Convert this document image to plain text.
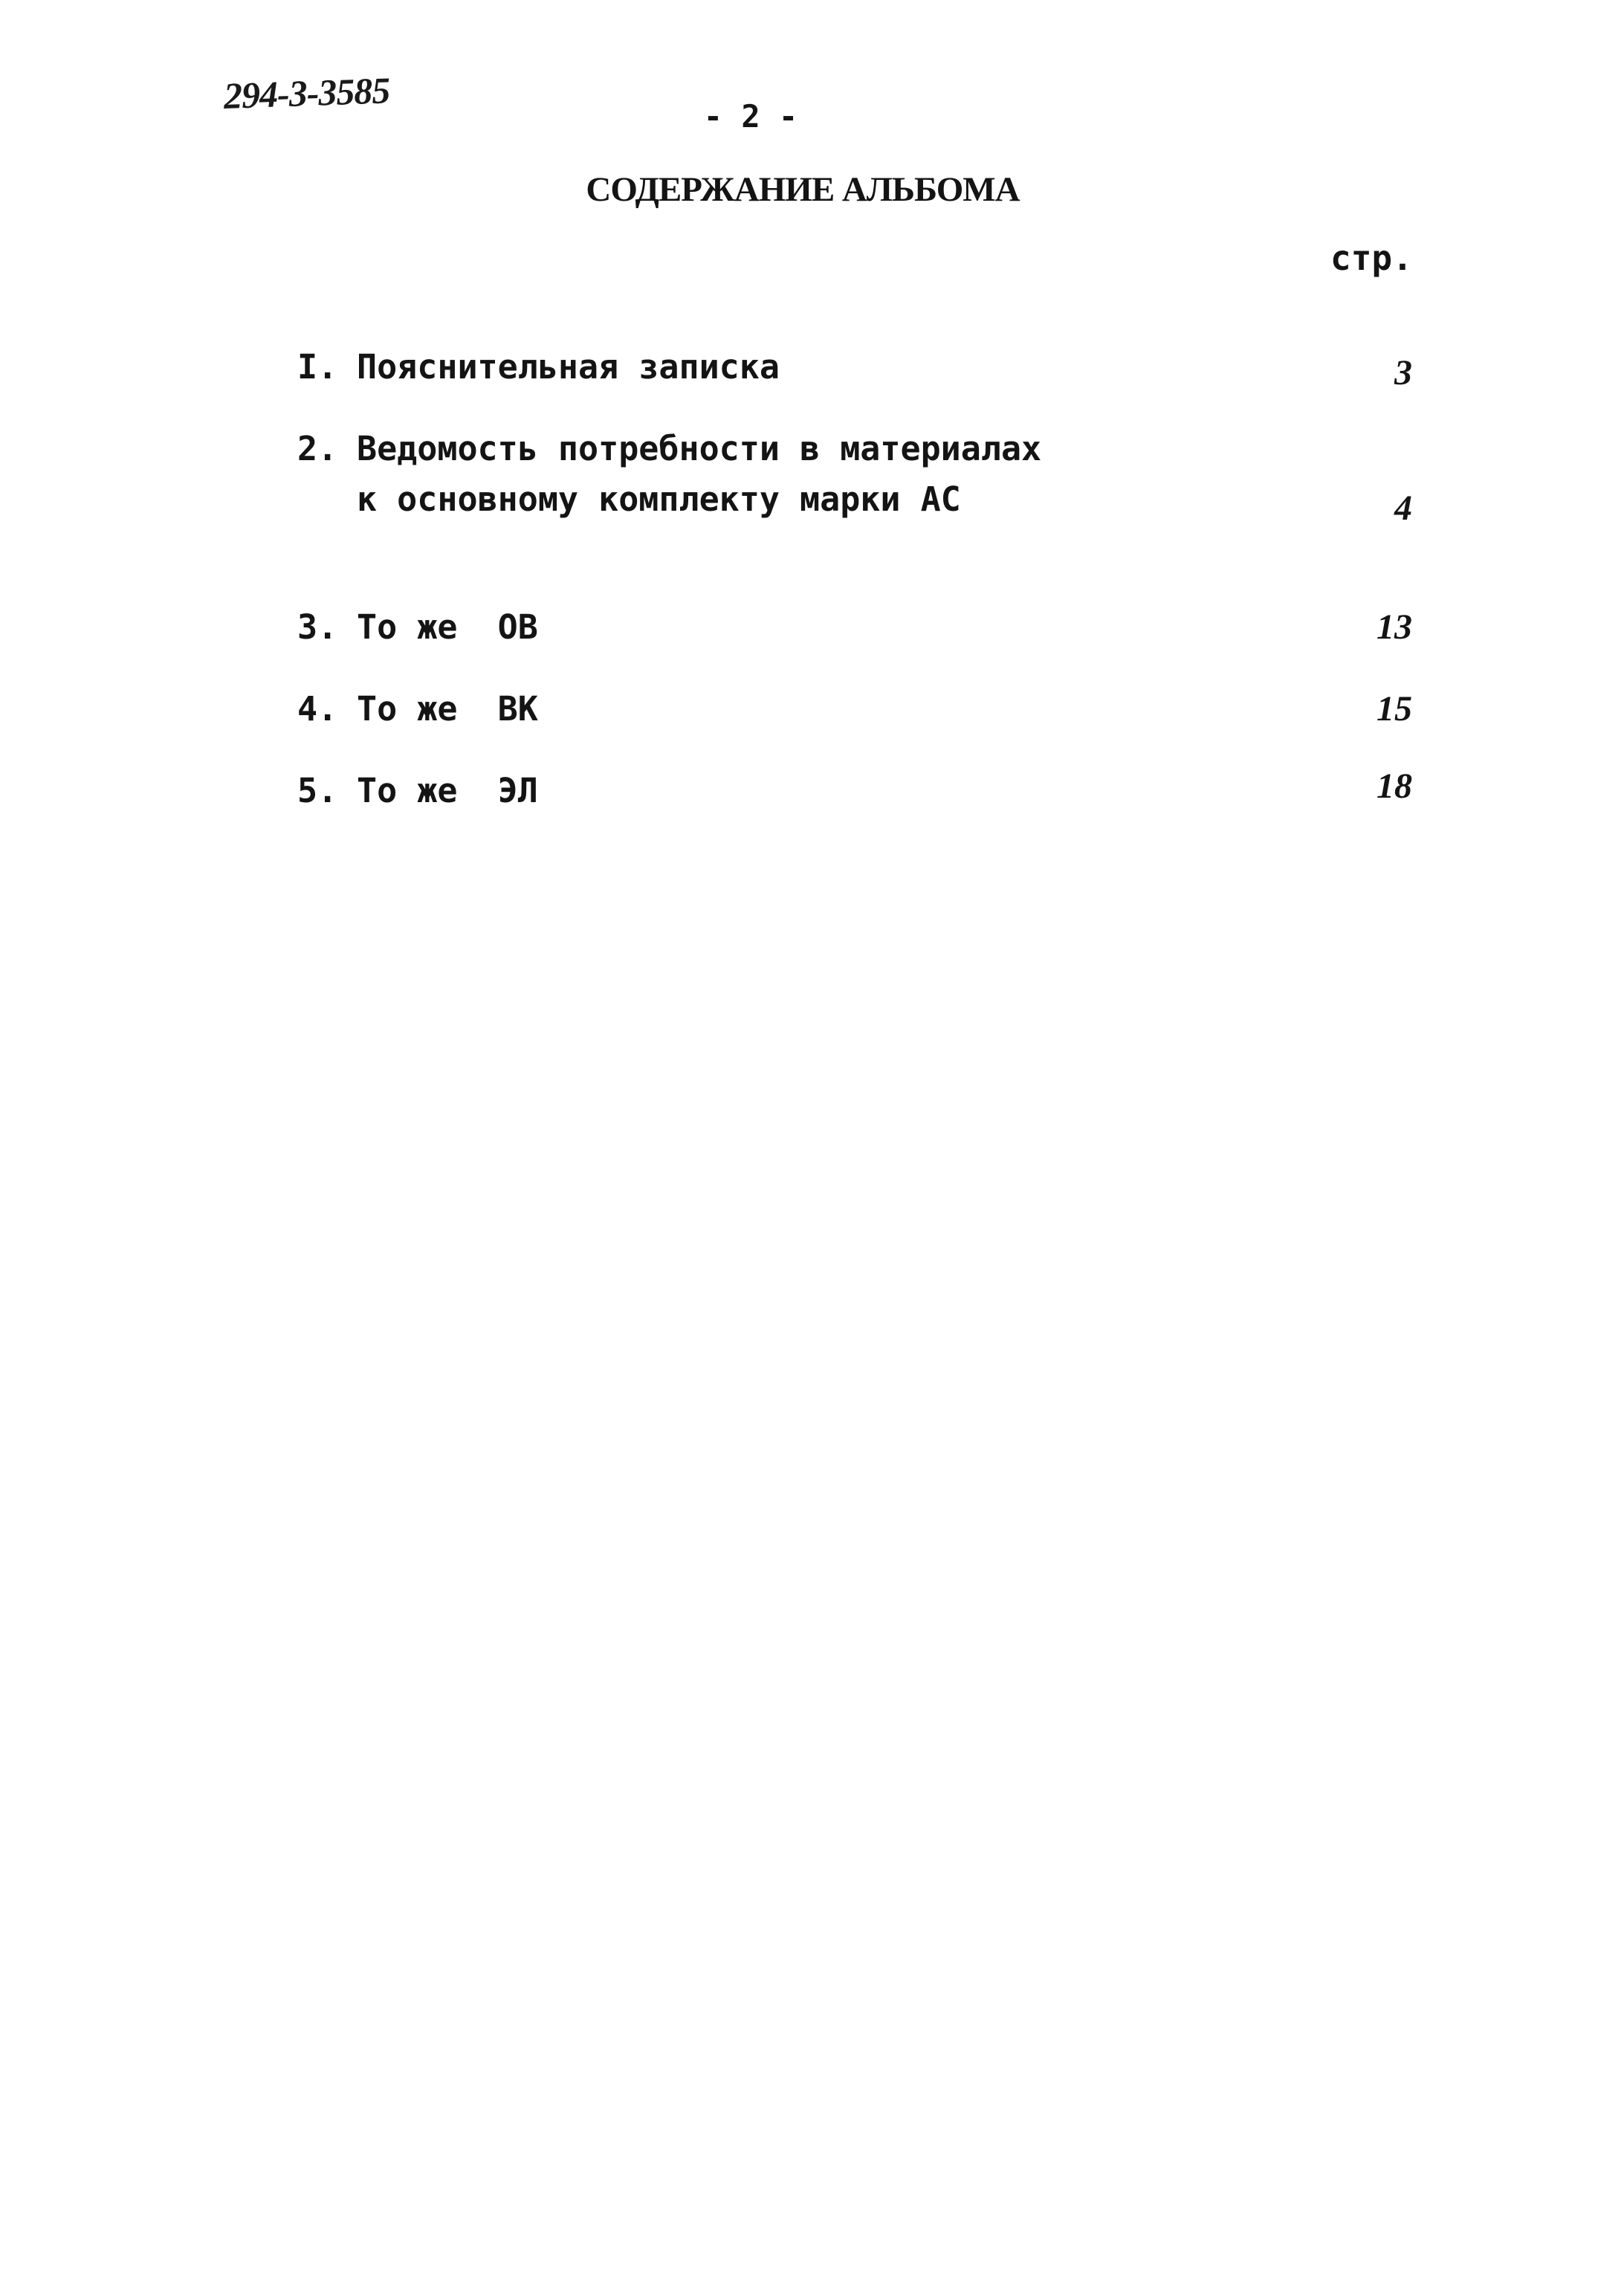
294-3-3585	- 2 -
СОДЕРЖАНИЕ АЛЬБОМА
стр.
I. Пояснительная записка	3
2. Ведомость потребности в материалах
к основному комплекту марки АС	4
3. То же  ОВ	13
4. То же  ВК	15
5. То же  ЭЛ	18
